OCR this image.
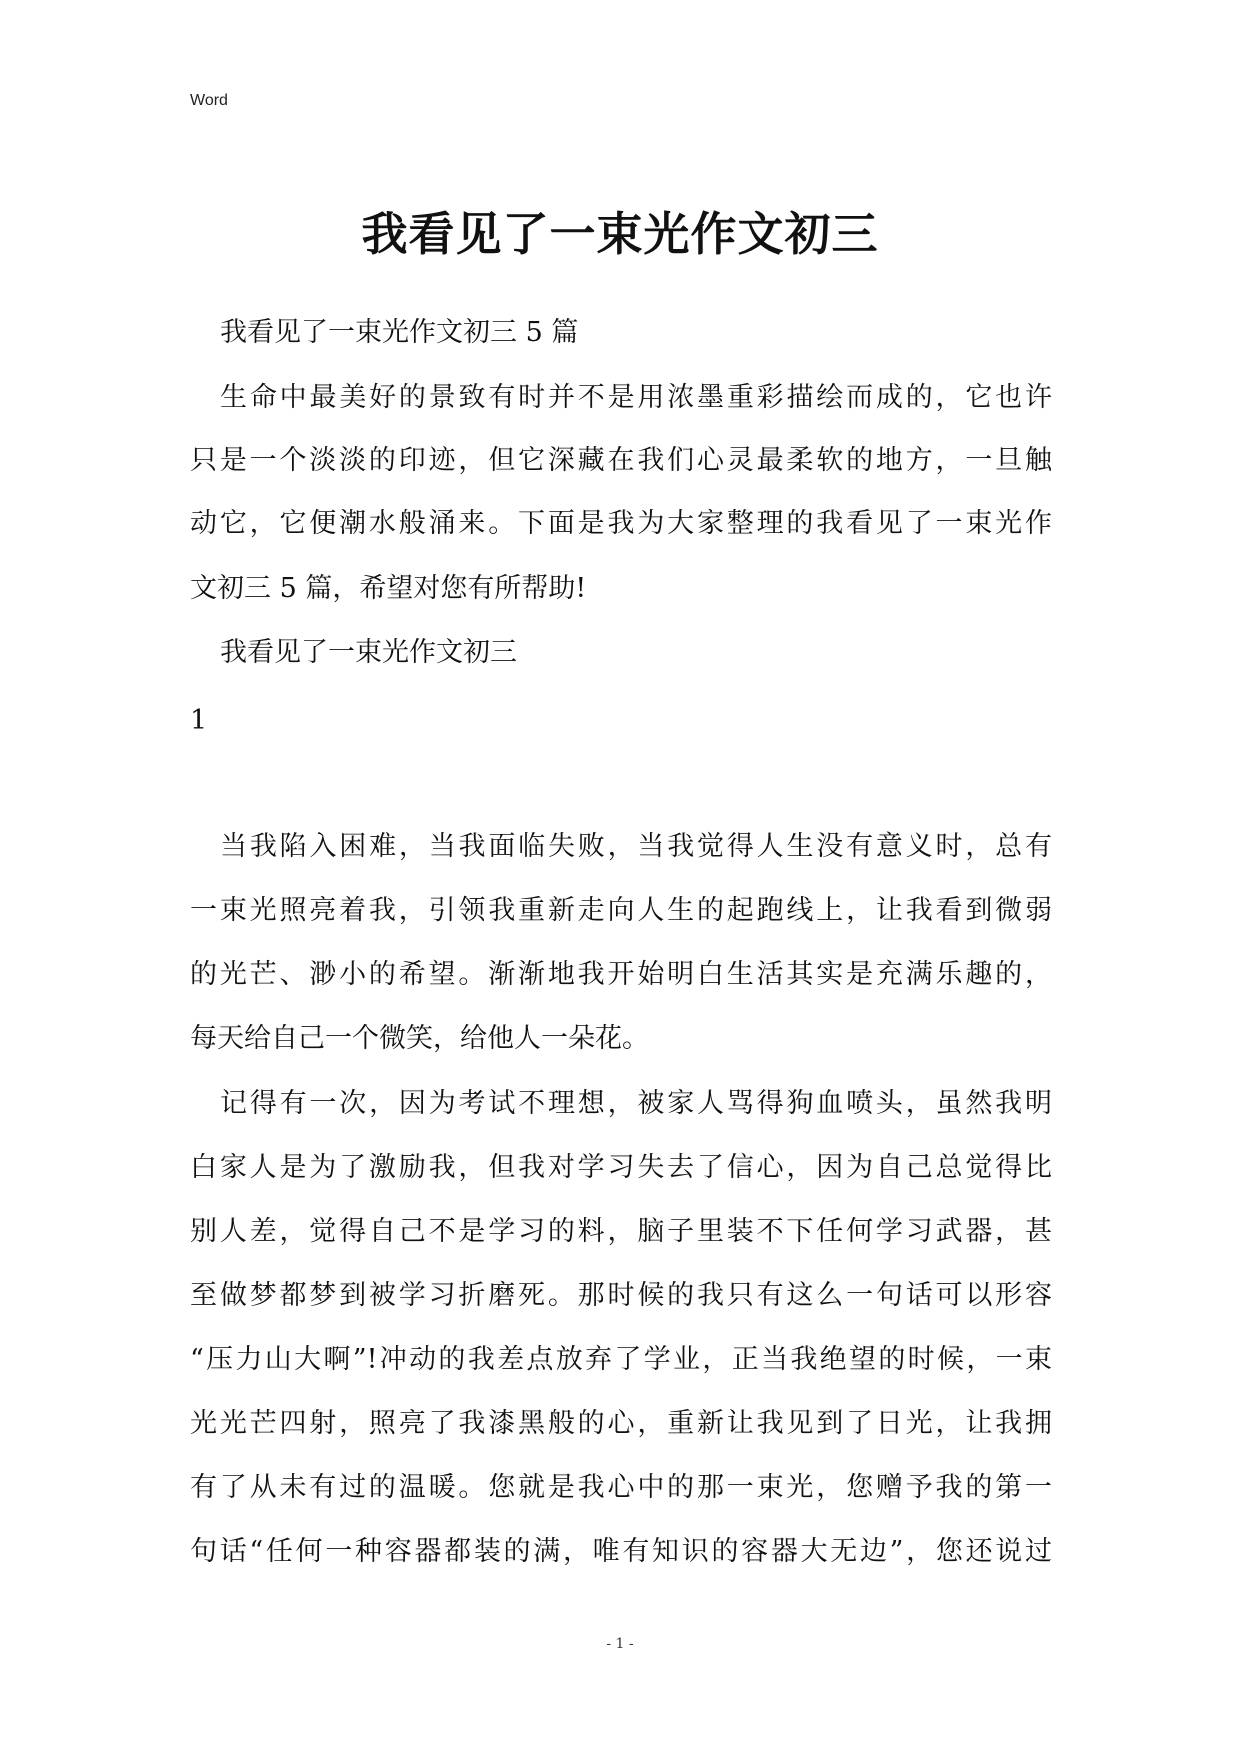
Word
我看见了一束光作文初三
我看见了一束光作文初三 5 篇
生命中最美好的景致有时并不是用浓墨重彩描绘而成的，它也许
只是一个淡淡的印迹，但它深藏在我们心灵最柔软的地方，一旦触
动它，它便潮水般涌来。下面是我为大家整理的我看见了一束光作
文初三 5 篇，希望对您有所帮助!
我看见了一束光作文初三
1
当我陷入困难，当我面临失败，当我觉得人生没有意义时，总有
一束光照亮着我，引领我重新走向人生的起跑线上，让我看到微弱
的光芒、渺小的希望。渐渐地我开始明白生活其实是充满乐趣的，
每天给自己一个微笑，给他人一朵花。
记得有一次，因为考试不理想，被家人骂得狗血喷头，虽然我明
白家人是为了激励我，但我对学习失去了信心，因为自己总觉得比
别人差，觉得自己不是学习的料，脑子里装不下任何学习武器，甚
至做梦都梦到被学习折磨死。那时候的我只有这么一句话可以形容
“压力山大啊”!冲动的我差点放弃了学业，正当我绝望的时候，一束
光光芒四射，照亮了我漆黑般的心，重新让我见到了日光，让我拥
有了从未有过的温暖。您就是我心中的那一束光，您赠予我的第一
句话“任何一种容器都装的满，唯有知识的容器大无边”，您还说过
- 1 -
